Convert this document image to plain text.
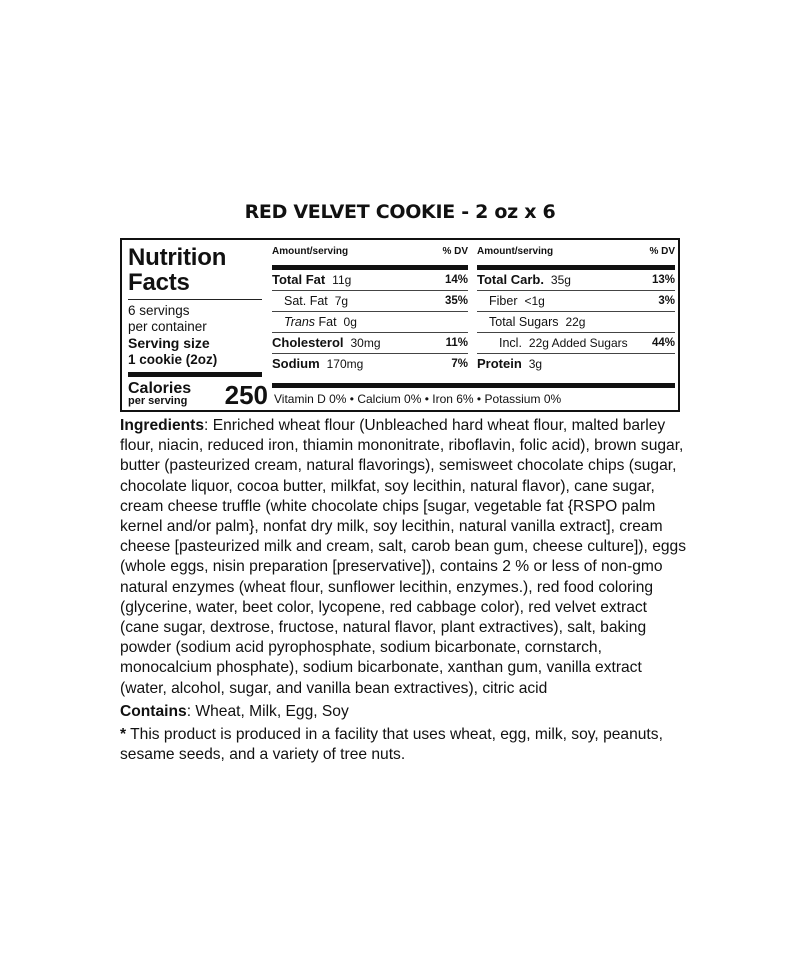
RED VELVET COOKIE - 2 oz x 6
Nutrition Facts
6 servings
per container
Serving size
1 cookie (2oz)
Calories
per serving 250
Amount/serving	% DV
Total Fat 11g	14%
Sat. Fat 7g	35%
Trans Fat 0g
Cholesterol 30mg	11%
Sodium 170mg	7%
Amount/serving	% DV
Total Carb. 35g	13%
Fiber <1g	3%
Total Sugars 22g
Incl. 22g Added Sugars 44%
Protein 3g
Vitamin D 0% • Calcium 0% • Iron 6% • Potassium 0%

Ingredients: Enriched wheat flour (Unbleached hard wheat flour, malted barley flour, niacin, reduced iron, thiamin mononitrate, riboflavin, folic acid), brown sugar, butter (pasteurized cream, natural flavorings), semisweet chocolate chips (sugar, chocolate liquor, cocoa butter, milkfat, soy lecithin, natural flavor), cane sugar, cream cheese truffle (white chocolate chips [sugar, vegetable fat {RSPO palm kernel and/or palm}, nonfat dry milk, soy lecithin, natural vanilla extract], cream cheese [pasteurized milk and cream, salt, carob bean gum, cheese culture]), eggs (whole eggs, nisin preparation [preservative]), contains 2 % or less of non-gmo natural enzymes (wheat flour, sunflower lecithin, enzymes.), red food coloring (glycerine, water, beet color, lycopene, red cabbage color), red velvet extract (cane sugar, dextrose, fructose, natural flavor, plant extractives), salt, baking powder (sodium acid pyrophosphate, sodium bicarbonate, cornstarch, monocalcium phosphate), sodium bicarbonate, xanthan gum, vanilla extract (water, alcohol, sugar, and vanilla bean extractives), citric acid

Contains: Wheat, Milk, Egg, Soy

* This product is produced in a facility that uses wheat, egg, milk, soy, peanuts, sesame seeds, and a variety of tree nuts.
